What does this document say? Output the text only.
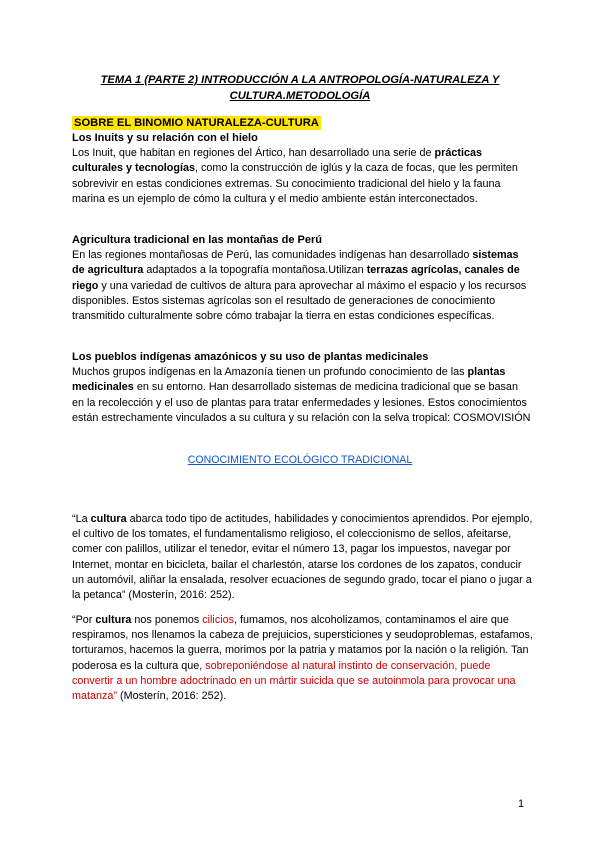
TEMA 1 (PARTE 2) INTRODUCCIÓN A LA ANTROPOLOGÍA-NATURALEZA Y
CULTURA.METODOLOGÍA
SOBRE EL BINOMIO NATURALEZA-CULTURA

Los Inuits y su relación con el hielo

Los Inuit, que habitan en regiones del Ártico, han desarrollado una serie de prácticas culturales y tecnologías, como la construcción de iglús y la caza de focas, que les permiten sobrevivir en estas condiciones extremas. Su conocimiento tradicional del hielo y la fauna marina es un ejemplo de cómo la cultura y el medio ambiente están interconectados.

Agricultura tradicional en las montañas de Perú

En las regiones montañosas de Perú, las comunidades indígenas han desarrollado sistemas de agricultura adaptados a la topografía montañosa.Utilizan terrazas agrícolas, canales de riego y una variedad de cultivos de altura para aprovechar al máximo el espacio y los recursos disponibles. Estos sistemas agrícolas son el resultado de generaciones de conocimiento transmitido culturalmente sobre cómo trabajar la tierra en estas condiciones específicas.

Los pueblos indígenas amazónicos y su uso de plantas medicinales

Muchos grupos indígenas en la Amazonía tienen un profundo conocimiento de las plantas medicinales en su entorno. Han desarrollado sistemas de medicina tradicional que se basan en la recolección y el uso de plantas para tratar enfermedades y lesiones. Estos conocimientos están estrechamente vinculados a su cultura y su relación con la selva tropical: COSMOVISIÓN

CONOCIMIENTO ECOLÓGICO TRADICIONAL
“La cultura abarca todo tipo de actitudes, habilidades y conocimientos aprendidos. Por ejemplo, el cultivo de los tomates, el fundamentalismo religioso, el coleccionismo de sellos, afeitarse, comer con palillos, utilizar el tenedor, evitar el número 13, pagar los impuestos, navegar por Internet, montar en bicicleta, bailar el charlestón, atarse los cordones de los zapatos, conducir un automóvil, aliñar la ensalada, resolver ecuaciones de segundo grado, tocar el piano o jugar a la petanca” (Mosterín, 2016: 252).
“Por cultura nos ponemos cilicios, fumamos, nos alcoholizamos, contaminamos el aire que respiramos, nos llenamos la cabeza de prejuicios, supersticiones y seudoproblemas, estafamos, torturamos, hacemos la guerra, morimos por la patria y matamos por la nación o la religión. Tan poderosa es la cultura que, sobreponiéndose al natural instinto de conservación, puede convertir a un hombre adoctrinado en un mártir suicida que se autoinmola para provocar una matanza” (Mosterín, 2016: 252).
1
